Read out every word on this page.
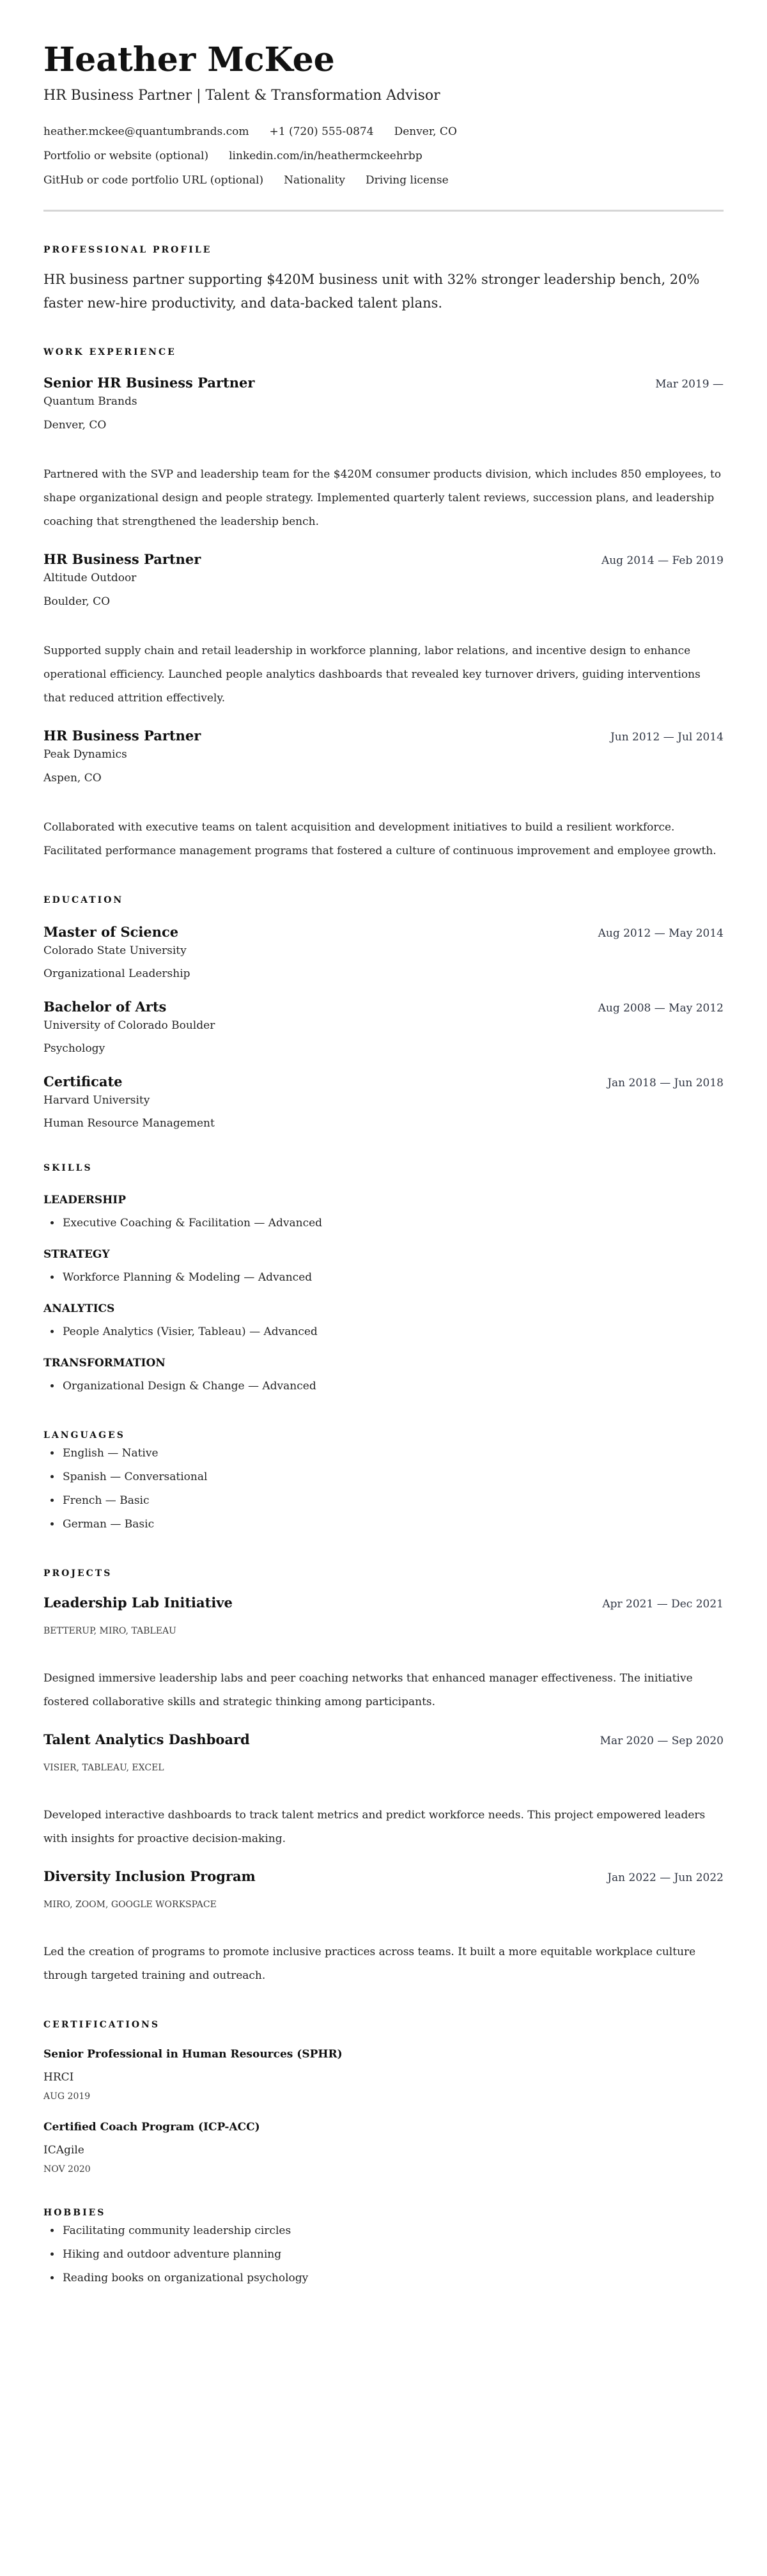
Heather McKee
HR Business Partner | Talent & Transformation Advisor
heather.mckee@quantumbrands.com +1 (720) 555-0874 Denver, CO
Portfolio or website (optional) linkedin.com/in/heathermckeehrbp
GitHub or code portfolio URL (optional) Nationality Driving license
PROFESSIONAL PROFILE

HR business partner supporting $420M business unit with 32% stronger leadership bench, 20% faster new-hire productivity, and data-backed talent plans.

WORK EXPERIENCE
Senior HR Business Partner	Mar 2019 —
Quantum Brands
Denver, CO
Partnered with the SVP and leadership team for the $420M consumer products division, which includes 850 employees, to shape organizational design and people strategy. Implemented quarterly talent reviews, succession plans, and leadership coaching that strengthened the leadership bench.
HR Business Partner	Aug 2014 — Feb 2019
Altitude Outdoor
Boulder, CO
Supported supply chain and retail leadership in workforce planning, labor relations, and incentive design to enhance operational efficiency. Launched people analytics dashboards that revealed key turnover drivers, guiding interventions that reduced attrition effectively.
HR Business Partner	Jun 2012 — Jul 2014
Peak Dynamics
Aspen, CO
Collaborated with executive teams on talent acquisition and development initiatives to build a resilient workforce. Facilitated performance management programs that fostered a culture of continuous improvement and employee growth.
EDUCATION
Master of Science	Aug 2012 — May 2014
Colorado State University
Organizational Leadership
Bachelor of Arts	Aug 2008 — May 2012
University of Colorado Boulder
Psychology
Certificate	Jan 2018 — Jun 2018
Harvard University
Human Resource Management
SKILLS
LEADERSHIP
• Executive Coaching & Facilitation — Advanced
STRATEGY
• Workforce Planning & Modeling — Advanced
ANALYTICS
• People Analytics (Visier, Tableau) — Advanced
TRANSFORMATION
• Organizational Design & Change — Advanced
LANGUAGES
• English — Native
• Spanish — Conversational
• French — Basic
• German — Basic
PROJECTS
Leadership Lab Initiative	Apr 2021 — Dec 2021
BETTERUP, MIRO, TABLEAU
Designed immersive leadership labs and peer coaching networks that enhanced manager effectiveness. The initiative fostered collaborative skills and strategic thinking among participants.
Talent Analytics Dashboard	Mar 2020 — Sep 2020
VISIER, TABLEAU, EXCEL
Developed interactive dashboards to track talent metrics and predict workforce needs. This project empowered leaders with insights for proactive decision-making.
Diversity Inclusion Program	Jan 2022 — Jun 2022
MIRO, ZOOM, GOOGLE WORKSPACE
Led the creation of programs to promote inclusive practices across teams. It built a more equitable workplace culture through targeted training and outreach.
CERTIFICATIONS
Senior Professional in Human Resources (SPHR)
HRCI
AUG 2019
Certified Coach Program (ICP-ACC)
ICAgile
NOV 2020
HOBBIES
• Facilitating community leadership circles
• Hiking and outdoor adventure planning
• Reading books on organizational psychology
